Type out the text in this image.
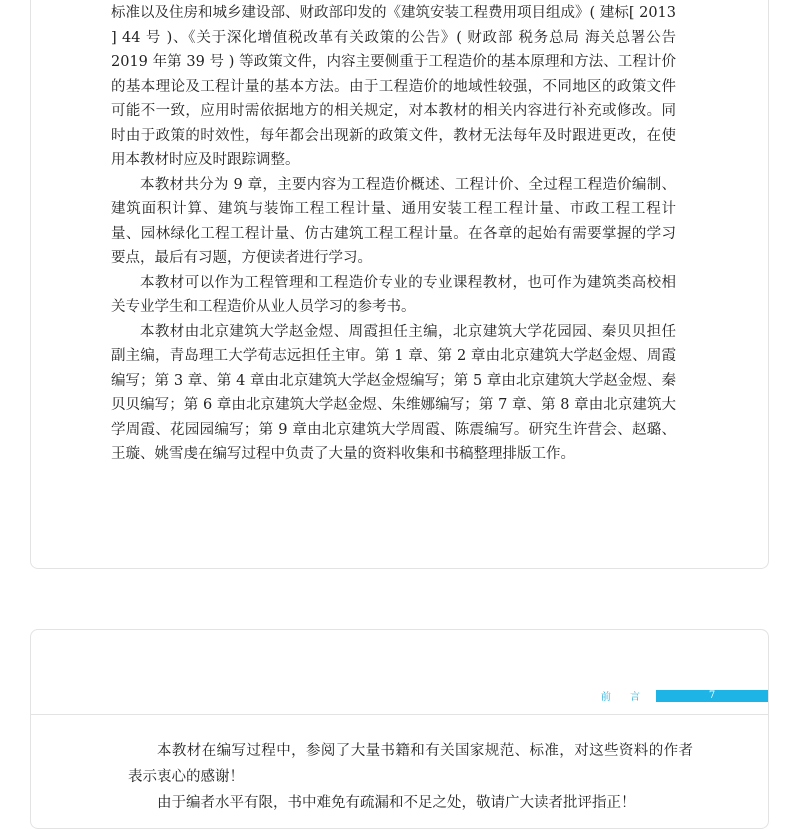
标准以及住房和城乡建设部、财政部印发的《建筑安装工程费用项目组成》( 建标[ 2013 ] 44 号 )、《关于深化增值税改革有关政策的公告》( 财政部 税务总局 海关总署公告 2019 年第 39 号 ) 等政策文件，内容主要侧重于工程造价的基本原理和方法、工程计价的基本理论及工程计量的基本方法。由于工程造价的地域性较强，不同地区的政策文件可能不一致，应用时需依据地方的相关规定，对本教材的相关内容进行补充或修改。同时由于政策的时效性，每年都会出现新的政策文件，教材无法每年及时跟进更改，在使用本教材时应及时跟踪调整。

本教材共分为 9 章，主要内容为工程造价概述、工程计价、全过程工程造价编制、建筑面积计算、建筑与装饰工程工程计量、通用安装工程工程计量、市政工程工程计量、园林绿化工程工程计量、仿古建筑工程工程计量。在各章的起始有需要掌握的学习要点，最后有习题，方便读者进行学习。

本教材可以作为工程管理和工程造价专业的专业课程教材，也可作为建筑类高校相关专业学生和工程造价从业人员学习的参考书。

本教材由北京建筑大学赵金煜、周霞担任主编，北京建筑大学花园园、秦贝贝担任副主编，青岛理工大学荀志远担任主审。第 1 章、第 2 章由北京建筑大学赵金煜、周霞编写；第 3 章、第 4 章由北京建筑大学赵金煜编写；第 5 章由北京建筑大学赵金煜、秦贝贝编写；第 6 章由北京建筑大学赵金煜、朱维娜编写；第 7 章、第 8 章由北京建筑大学周霞、花园园编写；第 9 章由北京建筑大学周霞、陈震编写。研究生许营会、赵璐、王璇、姚雪虔在编写过程中负责了大量的资料收集和书稿整理排版工作。

前 言	7

本教材在编写过程中，参阅了大量书籍和有关国家规范、标准，对这些资料的作者表示衷心的感谢！

由于编者水平有限，书中难免有疏漏和不足之处，敬请广大读者批评指正！
